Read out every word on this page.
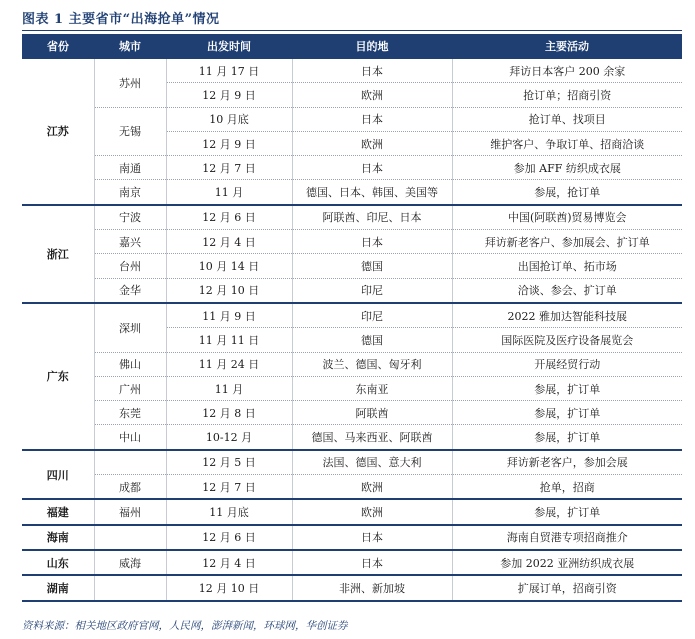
图表 1 主要省市“出海抢单”情况
省份	城市	出发时间	目的地	主要活动
江苏	苏州	11 月 17 日	日本	拜访日本客户 200 余家
		12 月 9 日	欧洲	抢订单；招商引资
	无锡	10 月底	日本	抢订单、找项目
		12 月 9 日	欧洲	维护客户、争取订单、招商洽谈
	南通	12 月 7 日	日本	参加 AFF 纺织成衣展
	南京	11 月	德国、日本、韩国、美国等	参展，抢订单
浙江	宁波	12 月 6 日	阿联酋、印尼、日本	中国(阿联酋)贸易博览会
	嘉兴	12 月 4 日	日本	拜访新老客户、参加展会、扩订单
	台州	10 月 14 日	德国	出国抢订单、拓市场
	金华	12 月 10 日	印尼	洽谈、参会、扩订单
广东	深圳	11 月 9 日	印尼	2022 雅加达智能科技展
		11 月 11 日	德国	国际医院及医疗设备展览会
	佛山	11 月 24 日	波兰、德国、匈牙利	开展经贸行动
	广州	11 月	东南亚	参展，扩订单
	东莞	12 月 8 日	阿联酋	参展，扩订单
	中山	10-12 月	德国、马来西亚、阿联酋	参展，扩订单
四川		12 月 5 日	法国、德国、意大利	拜访新老客户，参加会展
	成都	12 月 7 日	欧洲	抢单，招商
福建	福州	11 月底	欧洲	参展，扩订单
海南		12 月 6 日	日本	海南自贸港专项招商推介
山东	威海	12 月 4 日	日本	参加 2022 亚洲纺织成衣展
湖南		12 月 10 日	非洲、新加坡	扩展订单，招商引资
资料来源：相关地区政府官网，人民网，澎湃新闻，环球网，华创证券
